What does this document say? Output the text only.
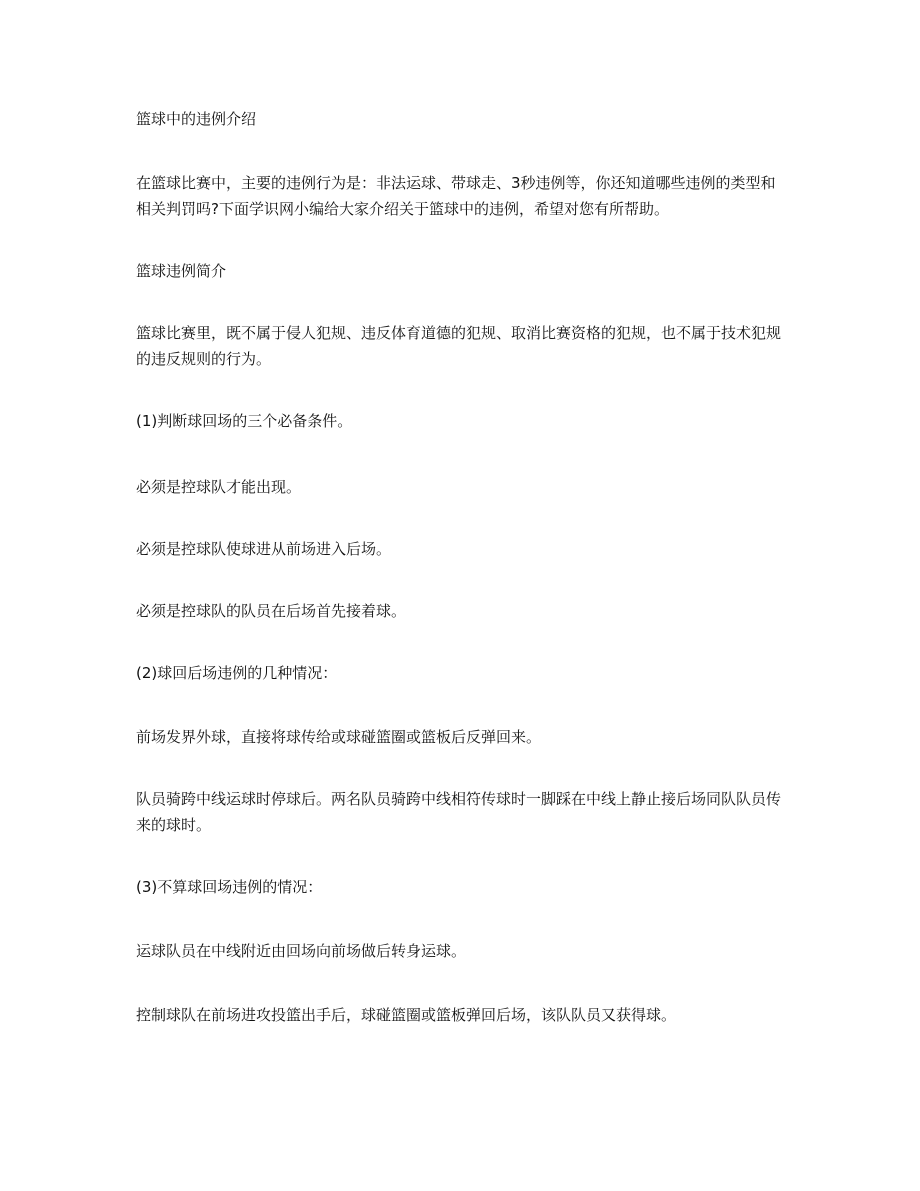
篮球中的违例介绍

在篮球比赛中，主要的违例行为是：非法运球、带球走、3秒违例等，你还知道哪些违例的类型和相关判罚吗?下面学识网小编给大家介绍关于篮球中的违例，希望对您有所帮助。

篮球违例简介

篮球比赛里，既不属于侵人犯规、违反体育道德的犯规、取消比赛资格的犯规，也不属于技术犯规的违反规则的行为。

(1)判断球回场的三个必备条件。

必须是控球队才能出现。

必须是控球队使球进从前场进入后场。

必须是控球队的队员在后场首先接着球。

(2)球回后场违例的几种情况：

前场发界外球，直接将球传给或球碰篮圈或篮板后反弹回来。

队员骑跨中线运球时停球后。两名队员骑跨中线相符传球时一脚踩在中线上静止接后场同队队员传来的球时。

(3)不算球回场违例的情况：

运球队员在中线附近由回场向前场做后转身运球。

控制球队在前场进攻投篮出手后，球碰篮圈或篮板弹回后场，该队队员又获得球。
